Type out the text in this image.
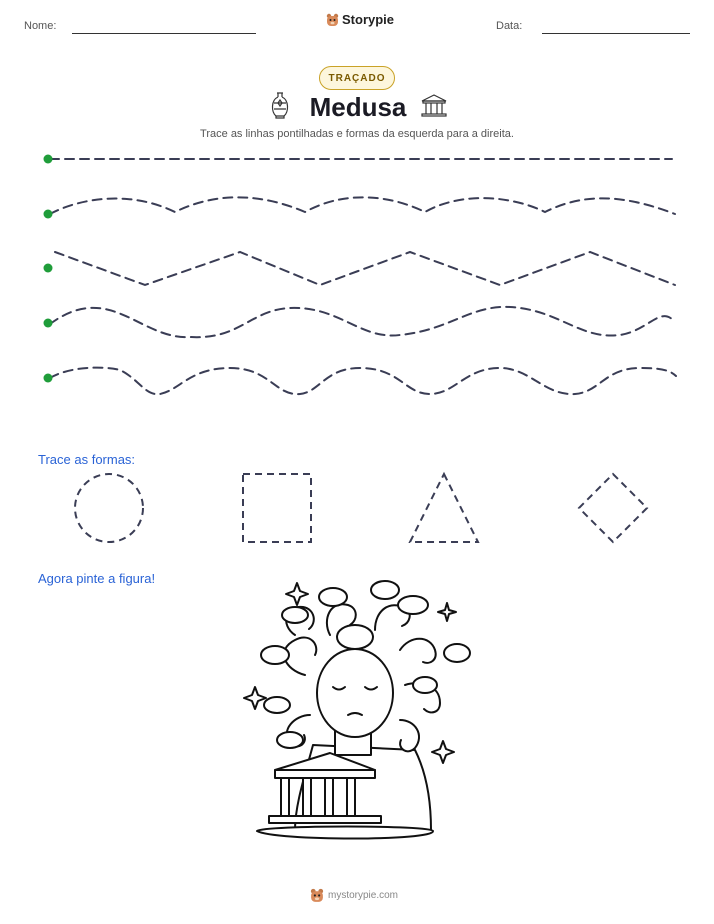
Nome:	Storypie	Data:
TRAÇADO
Medusa
Trace as linhas pontilhadas e formas da esquerda para a direita.
Trace as formas:
Agora pinte a figura!
mystorypie.com
